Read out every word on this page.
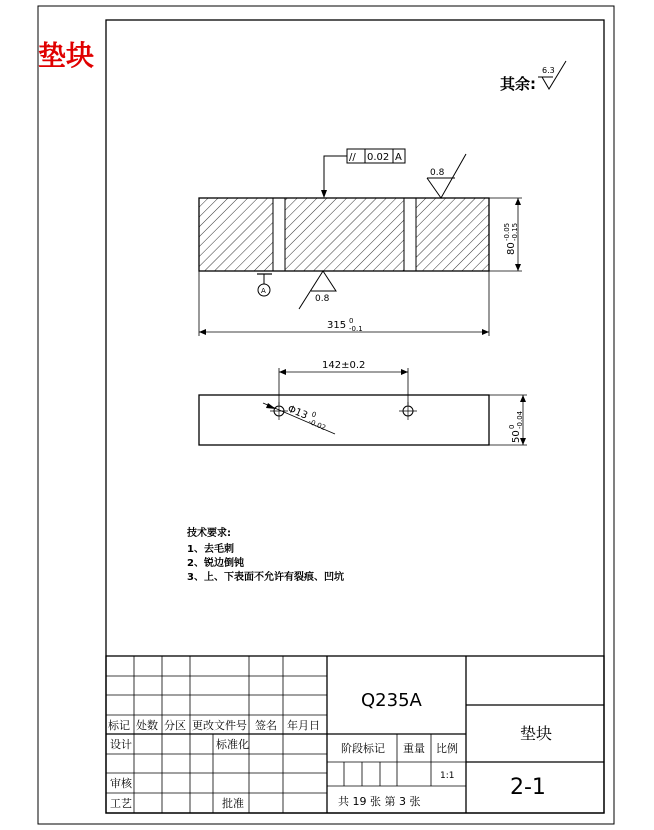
垫块
其余:
6.3
// 0.02 A
0.8
0.8
A
80
-0.05 -0.15
315 0
-0.1
142±0.2
Φ13 0
-0.02
50
0 -0.04
技术要求:
1、去毛刺
2、锐边倒钝
3、上、下表面不允许有裂痕、凹坑
标记 处数 分区 更改文件号 签名 年月日
设计	标准化
审核
工艺	批准
Q235A
垫块
2-1
阶段标记 重量 比例
1:1
共 19 张 第 3 张
